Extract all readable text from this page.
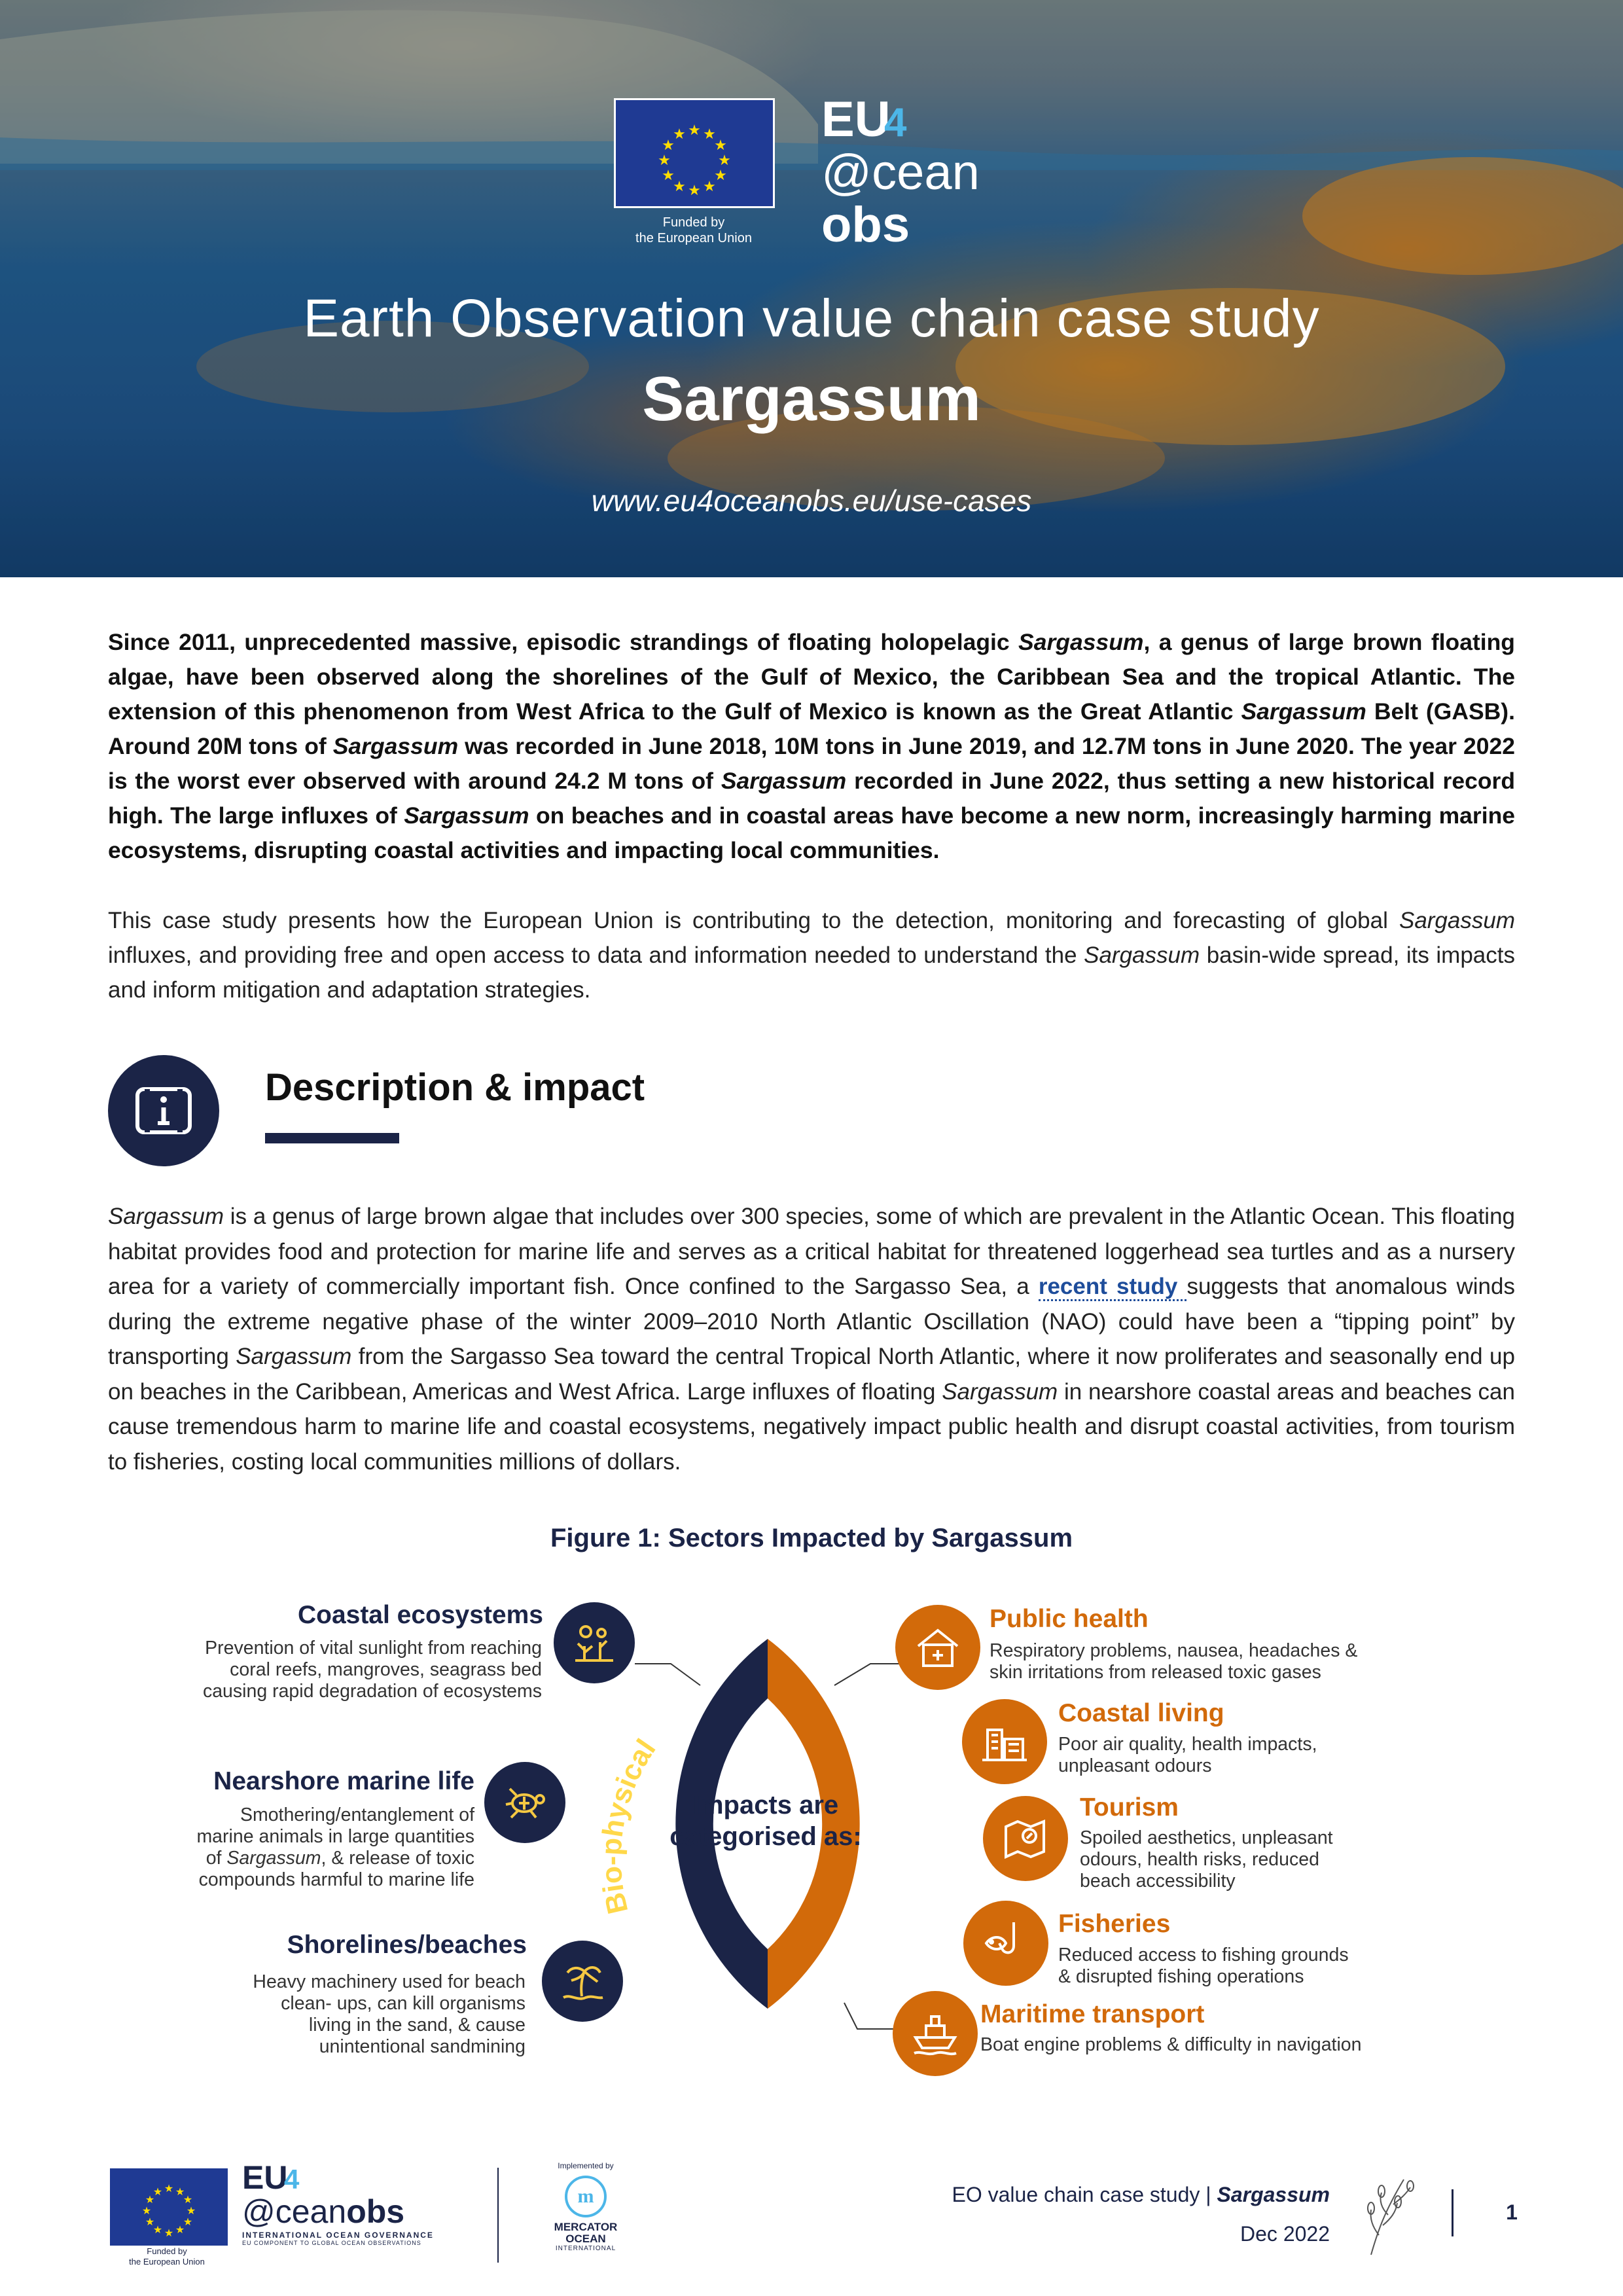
★ ★
★
★
★
★
★
★
★
★
★
★
Funded by
the European Union
EU
4
@cean
obs
Earth Observation value chain case study
Sargassum
www.eu4oceanobs.eu/use-cases
Since 2011, unprecedented massive, episodic strandings of floating holopelagic Sargassum, a genus of large brown floating algae, have been observed along the shorelines of the Gulf of Mexico, the Caribbean Sea and the tropical Atlantic. The extension of this phenomenon from West Africa to the Gulf of Mexico is known as the Great Atlantic Sargassum Belt (GASB). Around 20M tons of Sargassum was recorded in June 2018, 10M tons in June 2019, and 12.7M tons in June 2020. The year 2022 is the worst ever observed with around 24.2 M tons of Sargassum recorded in June 2022, thus setting a new historical record high. The large influxes of Sargassum on beaches and in coastal areas have become a new norm, increasingly harming marine ecosystems, disrupting coastal activities and impacting local communities.
This case study presents how the European Union is contributing to the detection, monitoring and forecasting of global Sargassum influxes, and providing free and open access to data and information needed to understand the Sargassum basin-wide spread, its impacts and inform mitigation and adaptation strategies.
Description & impact
Sargassum is a genus of large brown algae that includes over 300 species, some of which are prevalent in the Atlantic Ocean. This floating habitat provides food and protection for marine life and serves as a critical habitat for threatened loggerhead sea turtles and as a nursery area for a variety of commercially important fish. Once confined to the Sargasso Sea, a recent study suggests that anomalous winds during the extreme negative phase of the winter 2009–2010 North Atlantic Oscillation (NAO) could have been a “tipping point” by transporting Sargassum from the Sargasso Sea toward the central Tropical North Atlantic, where it now proliferates and seasonally end up on beaches in the Caribbean, Americas and West Africa. Large influxes of floating Sargassum in nearshore coastal areas and beaches can cause tremendous harm to marine life and coastal ecosystems, negatively impact public health and disrupt coastal activities, from tourism to fisheries, costing local communities millions of dollars.
Figure 1: Sectors Impacted by Sargassum
Bio-physical
Socio-economic
Impacts are
categorised as:
Coastal ecosystems
Prevention of vital sunlight from reaching
coral reefs, mangroves, seagrass bed
causing rapid degradation of ecosystems
Nearshore marine life
Smothering/entanglement of
marine animals in large quantities
of Sargassum, & release of toxic
compounds harmful to marine life
Shorelines/beaches
Heavy machinery used for beach
clean- ups, can kill organisms
living in the sand, & cause
unintentional sandmining
Public health
Respiratory problems, nausea, headaches &
skin irritations from released toxic gases
Coastal living
Poor air quality, health impacts,
unpleasant odours
Tourism
Spoiled aesthetics, unpleasant
odours, health risks, reduced
beach accessibility
Fisheries
Reduced access to fishing grounds
& disrupted fishing operations
Maritime transport
Boat engine problems & difficulty in navigation
★ ★
★
★
★
★
★
★
★
★
★
★
Funded by
the European Union
EU
4
@ceanobs
INTERNATIONAL OCEAN GOVERNANCE
EU COMPONENT TO GLOBAL OCEAN OBSERVATIONS
Implemented by
m
MERCATOR
OCEAN
INTERNATIONAL
EO value chain case study | Sargassum
Dec 2022
1
